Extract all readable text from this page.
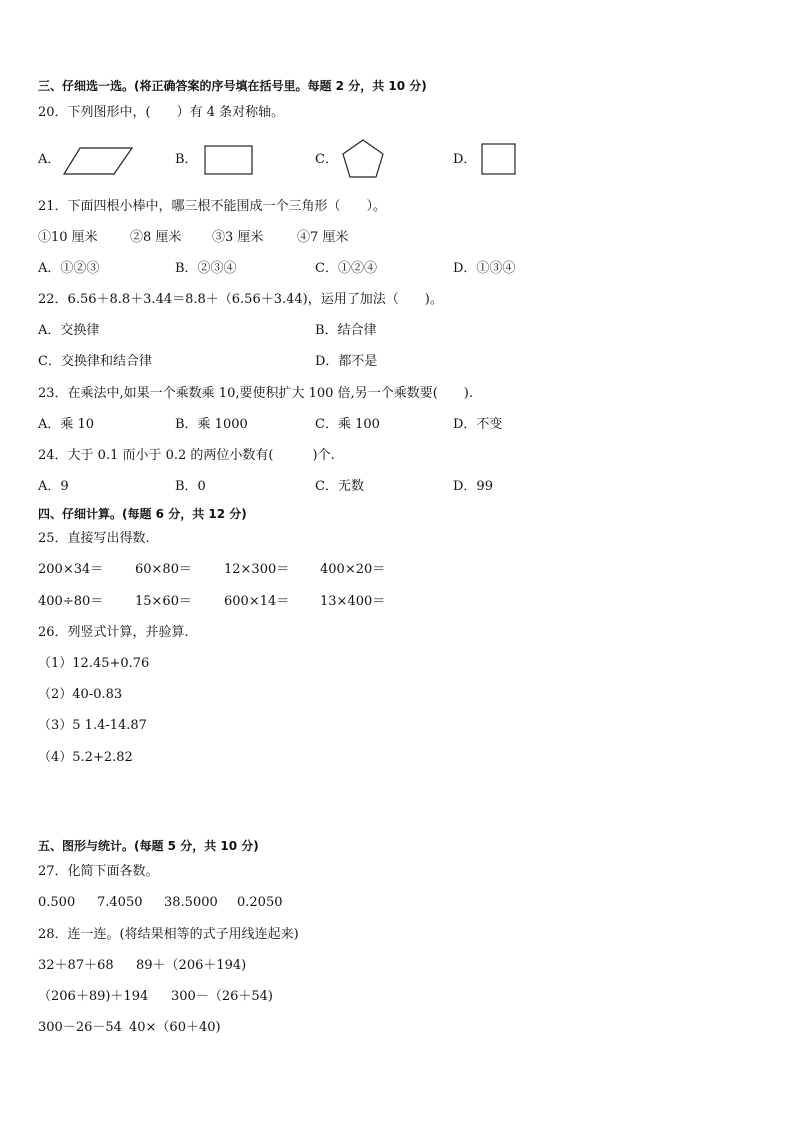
三、仔细选一选。(将正确答案的序号填在括号里。每题 2 分，共 10 分)
20．下列图形中，(　　）有 4 条对称轴。
A．	B．	C．	D．
21．下面四根小棒中，哪三根不能围成一个三角形（　　）。
①10 厘米 ②8 厘米 ③3 厘米	④7 厘米
A．①②③	B．②③④	C．①②④	D．①③④
22．6.56＋8.8＋3.44＝8.8＋（6.56＋3.44)，运用了加法（　　)。
A．交换律	B．结合律
C．交换律和结合律	D．都不是
23．在乘法中,如果一个乘数乘 10,要使积扩大 100 倍,另一个乘数要(　　).
A．乘 10	B．乘 1000	C．乘 100	D．不变
24．大于 0.1 而小于 0.2 的两位小数有(　　　)个.
A．9	B．0	C．无数	D．99
四、仔细计算。(每题 6 分，共 12 分)
25．直接写出得数.
200×34＝ 60×80＝ 12×300＝ 400×20＝
400÷80＝ 15×60＝ 600×14＝ 13×400＝
26．列竖式计算，并验算.
（1）12.45+0.76
（2）40-0.83
（3）5 1.4-14.87
（4）5.2+2.82
五、图形与统计。(每题 5 分，共 10 分)
27．化简下面各数。
0.500 7.4050 38.5000 0.2050
28．连一连。(将结果相等的式子用线连起来)
32＋87＋68 89＋（206＋194)
（206＋89)＋194 300－（26＋54)
300－26－54 40×（60＋40)
